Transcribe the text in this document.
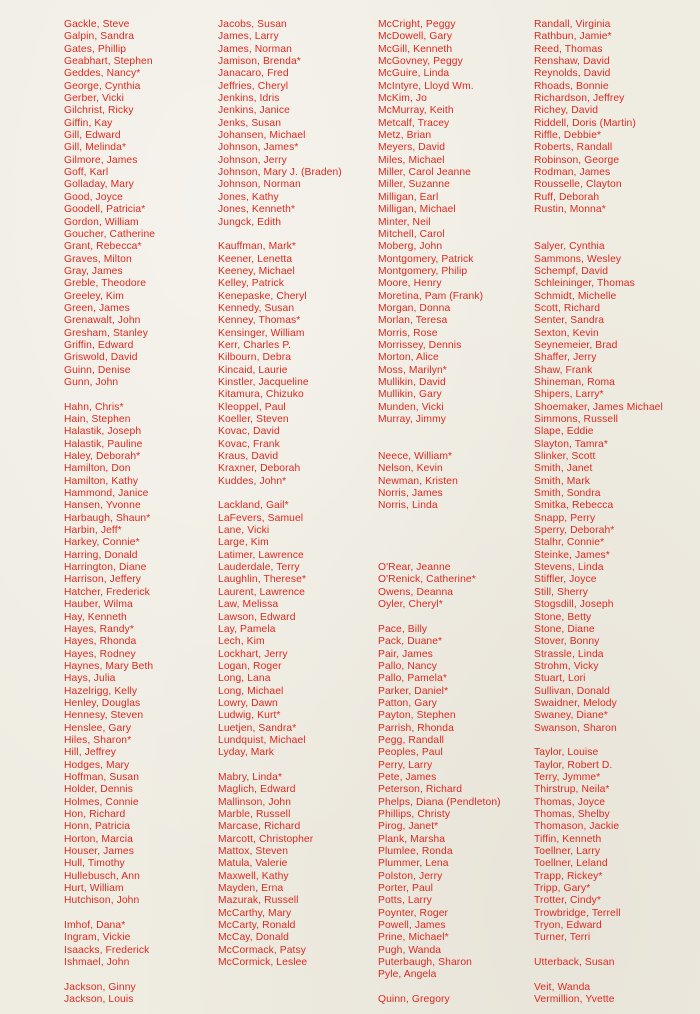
Gackle, Steve
Galpin, Sandra
Gates, Phillip
Geabhart, Stephen
Geddes, Nancy*
George, Cynthia
Gerber, Vicki
Gilchrist, Ricky
Giffin, Kay
Gill, Edward
Gill, Melinda*
Gilmore, James
Goff, Karl
Golladay, Mary
Good, Joyce
Goodell, Patricia*
Gordon, William
Goucher, Catherine
Grant, Rebecca*
Graves, Milton
Gray, James
Greble, Theodore
Greeley, Kim
Green, James
Grenawalt, John
Gresham, Stanley
Griffin, Edward
Griswold, David
Guinn, Denise
Gunn, John
Hahn, Chris*
Hain, Stephen
Halastik, Joseph
Halastik, Pauline
Haley, Deborah*
Hamilton, Don
Hamilton, Kathy
Hammond, Janice
Hansen, Yvonne
Harbaugh, Shaun*
Harbin, Jeff*
Harkey, Connie*
Harring, Donald
Harrington, Diane
Harrison, Jeffery
Hatcher, Frederick
Hauber, Wilma
Hay, Kenneth
Hayes, Randy*
Hayes, Rhonda
Hayes, Rodney
Haynes, Mary Beth
Hays, Julia
Hazelrigg, Kelly
Henley, Douglas
Hennesy, Steven
Henslee, Gary
Hiles, Sharon*
Hill, Jeffrey
Hodges, Mary
Hoffman, Susan
Holder, Dennis
Holmes, Connie
Hon, Richard
Honn, Patricia
Horton, Marcia
Houser, James
Hull, Timothy
Hullebusch, Ann
Hurt, William
Hutchison, John
Imhof, Dana*
Ingram, Vickie
Isaacks, Frederick
Ishmael, John
Jackson, Ginny
Jackson, Louis
Jacobs, Susan
James, Larry
James, Norman
Jamison, Brenda*
Janacaro, Fred
Jeffries, Cheryl
Jenkins, Idris
Jenkins, Janice
Jenks, Susan
Johansen, Michael
Johnson, James*
Johnson, Jerry
Johnson, Mary J. (Braden)
Johnson, Norman
Jones, Kathy
Jones, Kenneth*
Jungck, Edith
Kauffman, Mark*
Keener, Lenetta
Keeney, Michael
Kelley, Patrick
Kenepaske, Cheryl
Kennedy, Susan
Kenney, Thomas*
Kensinger, William
Kerr, Charles P.
Kilbourn, Debra
Kincaid, Laurie
Kinstler, Jacqueline
Kitamura, Chizuko
Kleoppel, Paul
Koeller, Steven
Kovac, David
Kovac, Frank
Kraus, David
Kraxner, Deborah
Kuddes, John*
Lackland, Gail*
LaFevers, Samuel
Lane, Vicki
Large, Kim
Latimer, Lawrence
Lauderdale, Terry
Laughlin, Therese*
Laurent, Lawrence
Law, Melissa
Lawson, Edward
Lay, Pamela
Lech, Kim
Lockhart, Jerry
Logan, Roger
Long, Lana
Long, Michael
Lowry, Dawn
Ludwig, Kurt*
Luetjen, Sandra*
Lundquist, Michael
Lyday, Mark
Mabry, Linda*
Maglich, Edward
Mallinson, John
Marble, Russell
Marcase, Richard
Marcott, Christopher
Mattox, Steven
Matula, Valerie
Maxwell, Kathy
Mayden, Erna
Mazurak, Russell
McCarthy, Mary
McCarty, Ronald
McCay, Donald
McCormack, Patsy
McCormick, Leslee
McCright, Peggy
McDowell, Gary
McGill, Kenneth
McGovney, Peggy
McGuire, Linda
McIntyre, Lloyd Wm.
McKim, Jo
McMurray, Keith
Metcalf, Tracey
Metz, Brian
Meyers, David
Miles, Michael
Miller, Carol Jeanne
Miller, Suzanne
Milligan, Earl
Milligan, Michael
Minter, Neil
Mitchell, Carol
Moberg, John
Montgomery, Patrick
Montgomery, Philip
Moore, Henry
Moretina, Pam (Frank)
Morgan, Donna
Morlan, Teresa
Morris, Rose
Morrissey, Dennis
Morton, Alice
Moss, Marilyn*
Mullikin, David
Mullikin, Gary
Munden, Vicki
Murray, Jimmy
Neece, William*
Nelson, Kevin
Newman, Kristen
Norris, James
Norris, Linda
O'Rear, Jeanne
O'Renick, Catherine*
Owens, Deanna
Oyler, Cheryl*
Pace, Billy
Pack, Duane*
Pair, James
Pallo, Nancy
Pallo, Pamela*
Parker, Daniel*
Patton, Gary
Payton, Stephen
Parrish, Rhonda
Pegg, Randall
Peoples, Paul
Perry, Larry
Pete, James
Peterson, Richard
Phelps, Diana (Pendleton)
Phillips, Christy
Pirog, Janet*
Plank, Marsha
Plumlee, Ronda
Plummer, Lena
Polston, Jerry
Porter, Paul
Potts, Larry
Poynter, Roger
Powell, James
Prine, Michael*
Pugh, Wanda
Puterbaugh, Sharon
Pyle, Angela
Quinn, Gregory
Randall, Virginia
Rathbun, Jamie*
Reed, Thomas
Renshaw, David
Reynolds, David
Rhoads, Bonnie
Richardson, Jeffrey
Richey, David
Riddell, Doris (Martin)
Riffle, Debbie*
Roberts, Randall
Robinson, George
Rodman, James
Rousselle, Clayton
Ruff, Deborah
Rustin, Monna*
Salyer, Cynthia
Sammons, Wesley
Schempf, David
Schleininger, Thomas
Schmidt, Michelle
Scott, Richard
Senter, Sandra
Sexton, Kevin
Seynemeier, Brad
Shaffer, Jerry
Shaw, Frank
Shineman, Roma
Shipers, Larry*
Shoemaker, James Michael
Simmons, Russell
Slape, Eddie
Slayton, Tamra*
Slinker, Scott
Smith, Janet
Smith, Mark
Smith, Sondra
Smitka, Rebecca
Snapp, Perry
Sperry, Deborah*
Stalhr, Connie*
Steinke, James*
Stevens, Linda
Stiffler, Joyce
Still, Sherry
Stogsdill, Joseph
Stone, Betty
Stone, Diane
Stover, Bonny
Strassle, Linda
Strohm, Vicky
Stuart, Lori
Sullivan, Donald
Swaidner, Melody
Swaney, Diane*
Swanson, Sharon
Taylor, Louise
Taylor, Robert D.
Terry, Jymme*
Thirstrup, Neila*
Thomas, Joyce
Thomas, Shelby
Thomason, Jackie
Tiffin, Kenneth
Toellner, Larry
Toellner, Leland
Trapp, Rickey*
Tripp, Gary*
Trotter, Cindy*
Trowbridge, Terrell
Tryon, Edward
Turner, Terri
Utterback, Susan
Veit, Wanda
Vermillion, Yvette
